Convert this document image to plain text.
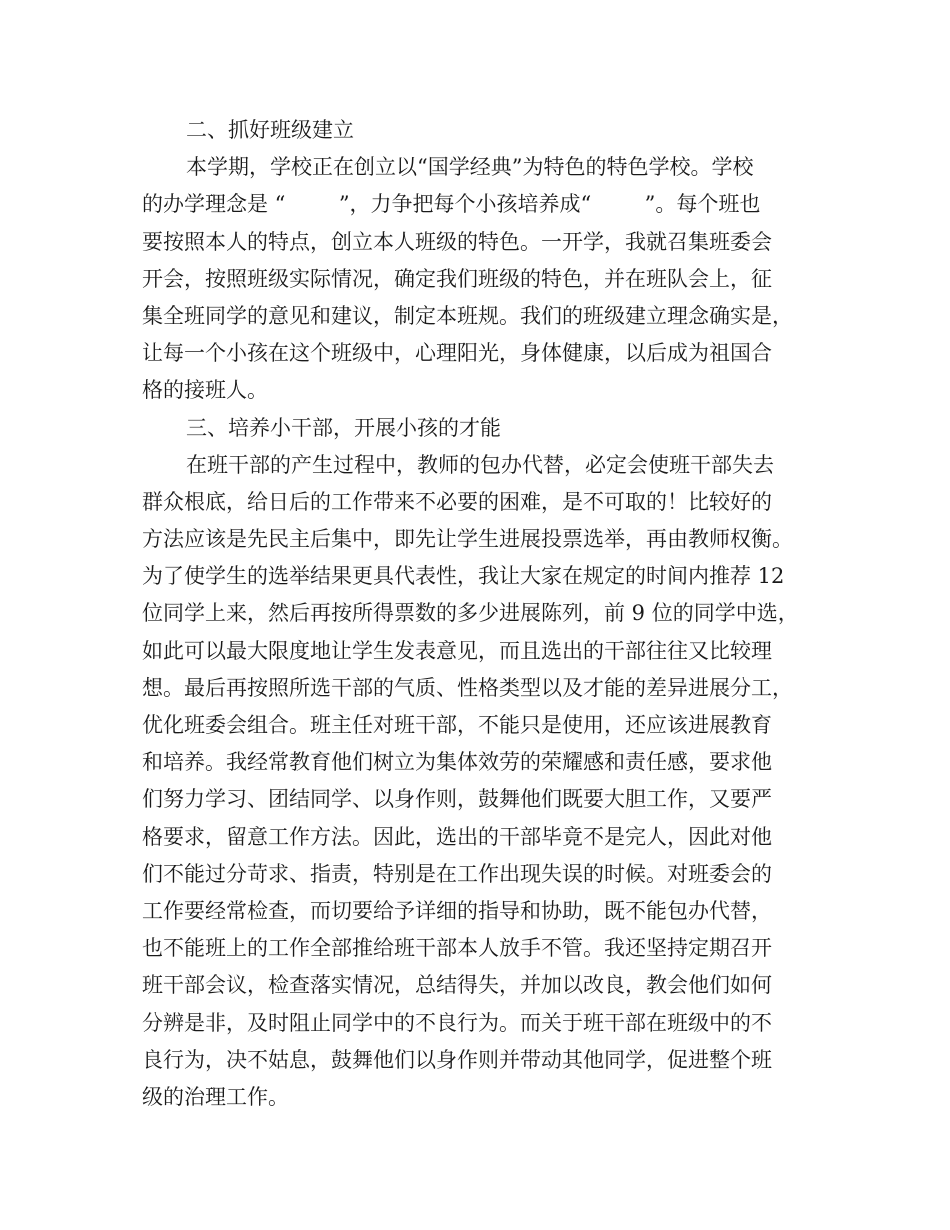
二、抓好班级建立
本学期，学校正在创立以“国学经典”为特色的特色学校。学校
的办学理念是 “        ”，力争把每个小孩培养成“        ”。每个班也
要按照本人的特点，创立本人班级的特色。一开学，我就召集班委会
开会，按照班级实际情况，确定我们班级的特色，并在班队会上，征
集全班同学的意见和建议，制定本班规。我们的班级建立理念确实是，
让每一个小孩在这个班级中，心理阳光，身体健康，以后成为祖国合
格的接班人。
三、培养小干部，开展小孩的才能
在班干部的产生过程中，教师的包办代替，必定会使班干部失去
群众根底，给日后的工作带来不必要的困难，是不可取的！比较好的
方法应该是先民主后集中，即先让学生进展投票选举，再由教师权衡。
为了使学生的选举结果更具代表性，我让大家在规定的时间内推荐 12
位同学上来，然后再按所得票数的多少进展陈列，前 9 位的同学中选，
如此可以最大限度地让学生发表意见，而且选出的干部往往又比较理
想。最后再按照所选干部的气质、性格类型以及才能的差异进展分工，
优化班委会组合。班主任对班干部，不能只是使用，还应该进展教育
和培养。我经常教育他们树立为集体效劳的荣耀感和责任感，要求他
们努力学习、团结同学、以身作则，鼓舞他们既要大胆工作，又要严
格要求，留意工作方法。因此，选出的干部毕竟不是完人，因此对他
们不能过分苛求、指责，特别是在工作出现失误的时候。对班委会的
工作要经常检查，而切要给予详细的指导和协助，既不能包办代替，
也不能班上的工作全部推给班干部本人放手不管。我还坚持定期召开
班干部会议，检查落实情况，总结得失，并加以改良，教会他们如何
分辨是非，及时阻止同学中的不良行为。而关于班干部在班级中的不
良行为，决不姑息，鼓舞他们以身作则并带动其他同学，促进整个班
级的治理工作。
